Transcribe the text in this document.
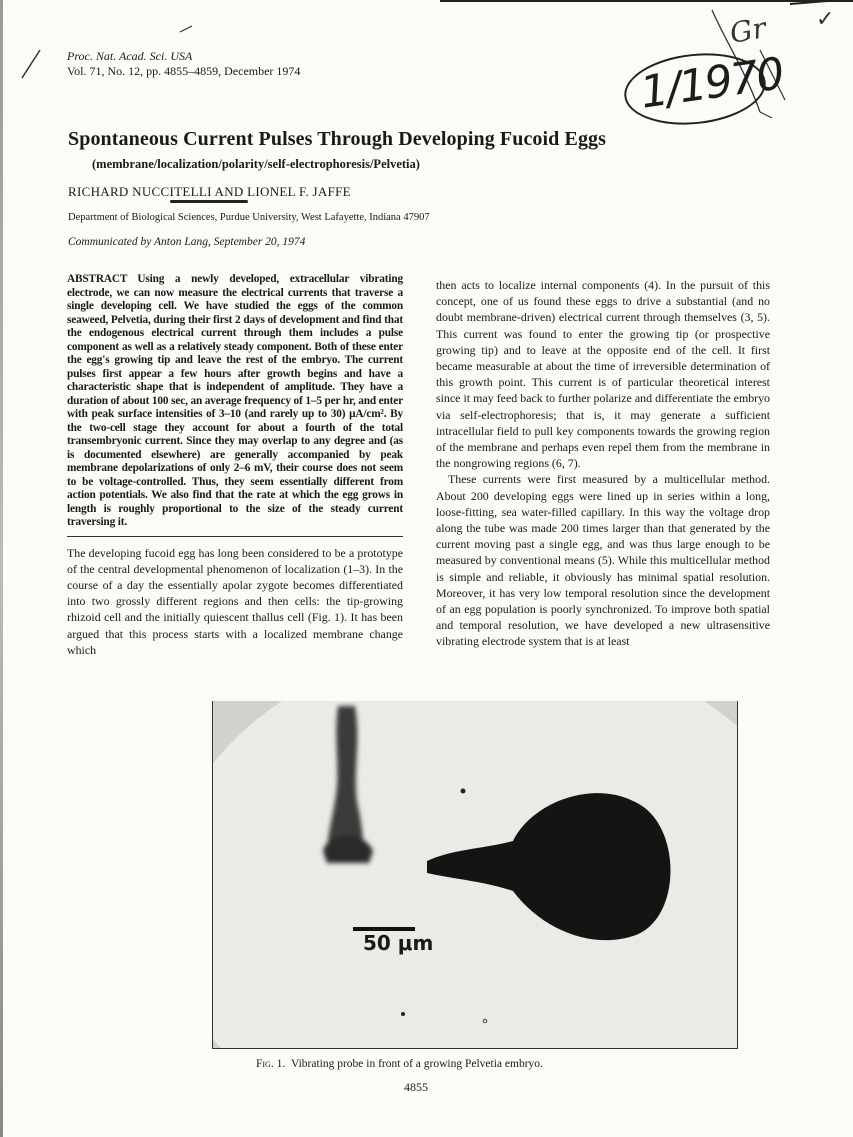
Gr ✓
Proc. Nat. Acad. Sci. USA
Vol. 71, No. 12, pp. 4855–4859, December 1974	1/1970
Spontaneous Current Pulses Through Developing Fucoid Eggs
(membrane/localization/polarity/self-electrophoresis/Pelvetia)
RICHARD NUCCITELLI AND LIONEL F. JAFFE
Department of Biological Sciences, Purdue University, West Lafayette, Indiana 47907
Communicated by Anton Lang, September 20, 1974
ABSTRACT Using a newly developed, extracellular vibrating electrode, we can now measure the electrical currents that traverse a single developing cell. We have studied the eggs of the common seaweed, Pelvetia, during their first 2 days of development and find that the endogenous electrical current through them includes a pulse component as well as a relatively steady component. Both of these enter the egg's growing tip and leave the rest of the embryo. The current pulses first appear a few hours after growth begins and have a characteristic shape that is independent of amplitude. They have a duration of about 100 sec, an average frequency of 1–5 per hr, and enter with peak surface intensities of 3–10 (and rarely up to 30) μA/cm². By the two-cell stage they account for about a fourth of the total transembryonic current. Since they may overlap to any degree and (as is documented elsewhere) are generally accompanied by peak membrane depolarizations of only 2–6 mV, their course does not seem to be voltage-controlled. Thus, they seem essentially different from action potentials. We also find that the rate at which the egg grows in length is roughly proportional to the size of the steady current traversing it.
The developing fucoid egg has long been considered to be a prototype of the central developmental phenomenon of localization (1–3). In the course of a day the essentially apolar zygote becomes differentiated into two grossly different regions and then cells: the tip-growing rhizoid cell and the initially quiescent thallus cell (Fig. 1). It has been argued that this process starts with a localized membrane change which

then acts to localize internal components (4). In the pursuit of this concept, one of us found these eggs to drive a substantial (and no doubt membrane-driven) electrical current through themselves (3, 5). This current was found to enter the growing tip (or prospective growing tip) and to leave at the opposite end of the cell. It first became measurable at about the time of irreversible determination of this growth point. This current is of particular theoretical interest since it may feed back to further polarize and differentiate the embryo via self-electrophoresis; that is, it may generate a sufficient intracellular field to pull key components towards the growing region of the membrane and perhaps even repel them from the membrane in the nongrowing regions (6, 7).

These currents were first measured by a multicellular method. About 200 developing eggs were lined up in series within a long, loose-fitting, sea water-filled capillary. In this way the voltage drop along the tube was made 200 times larger than that generated by the current moving past a single egg, and was thus large enough to be measured by conventional means (5). While this multicellular method is simple and reliable, it obviously has minimal spatial resolution. Moreover, it has very low temporal resolution since the development of an egg population is poorly synchronized. To improve both spatial and temporal resolution, we have developed a new ultrasensitive vibrating electrode system that is at least

50 μm
Fig. 1. Vibrating probe in front of a growing Pelvetia embryo.
4855
